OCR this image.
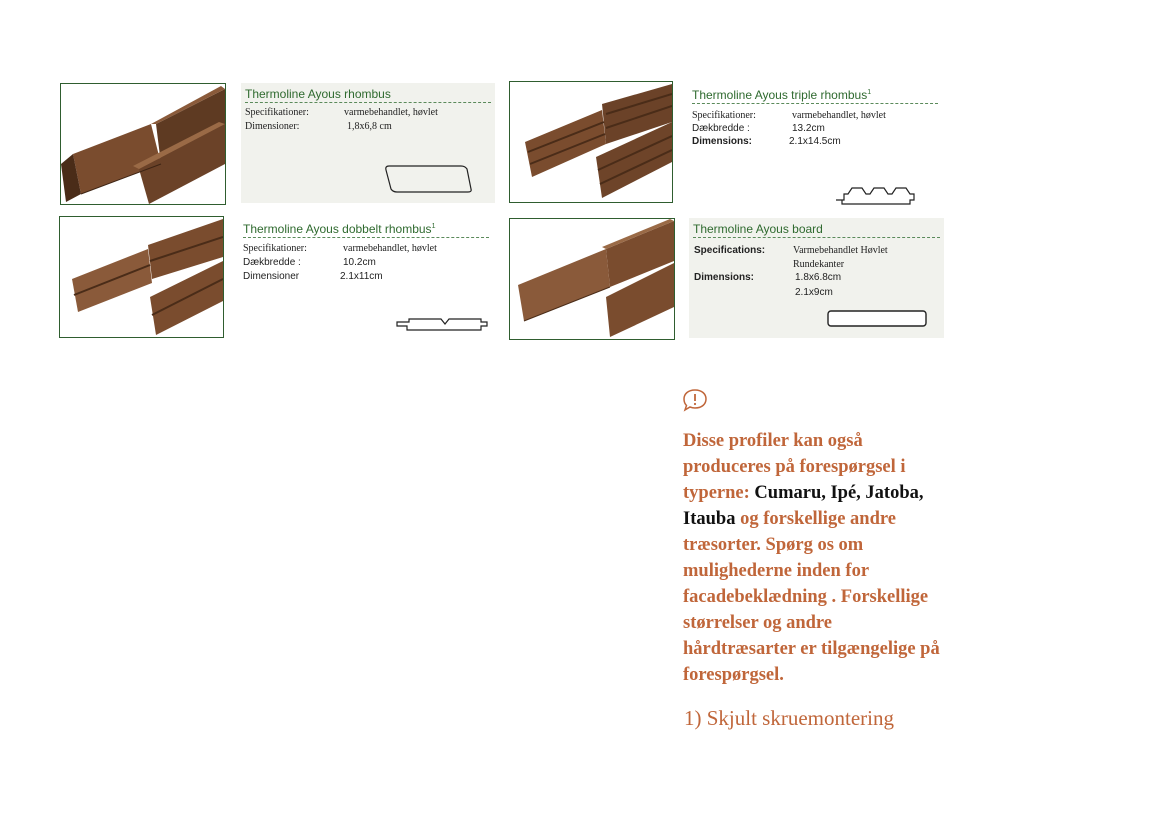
Thermoline Ayous rhombus
Specifikationer:	varmebehandlet, høvlet
Dimensioner:	1,8x6,8 cm
Thermoline Ayous triple rhombus$^1$
Specifikationer:	varmebehandlet, høvlet
Dækbredde :	13.2cm
Dimensions:	2.1x14.5cm
Thermoline Ayous dobbelt rhombus$^1$
Specifikationer:	varmebehandlet, høvlet
Dækbredde :	10.2cm
Dimensioner	2.1x11cm
Thermoline Ayous board
Specifications:	Varmebehandlet Høvlet
Rundekanter
Dimensions:	1.8x6.8cm
2.1x9cm
Disse profiler kan også produceres på forespørgsel i typerne: Cumaru, Ipé, Jatoba, Itauba og forskellige andre træsorter. Spørg os om mulighederne inden for facadebeklædning . Forskellige størrelser og andre hårdtræsarter er tilgængelige på forespørgsel.
1) Skjult skruemontering
